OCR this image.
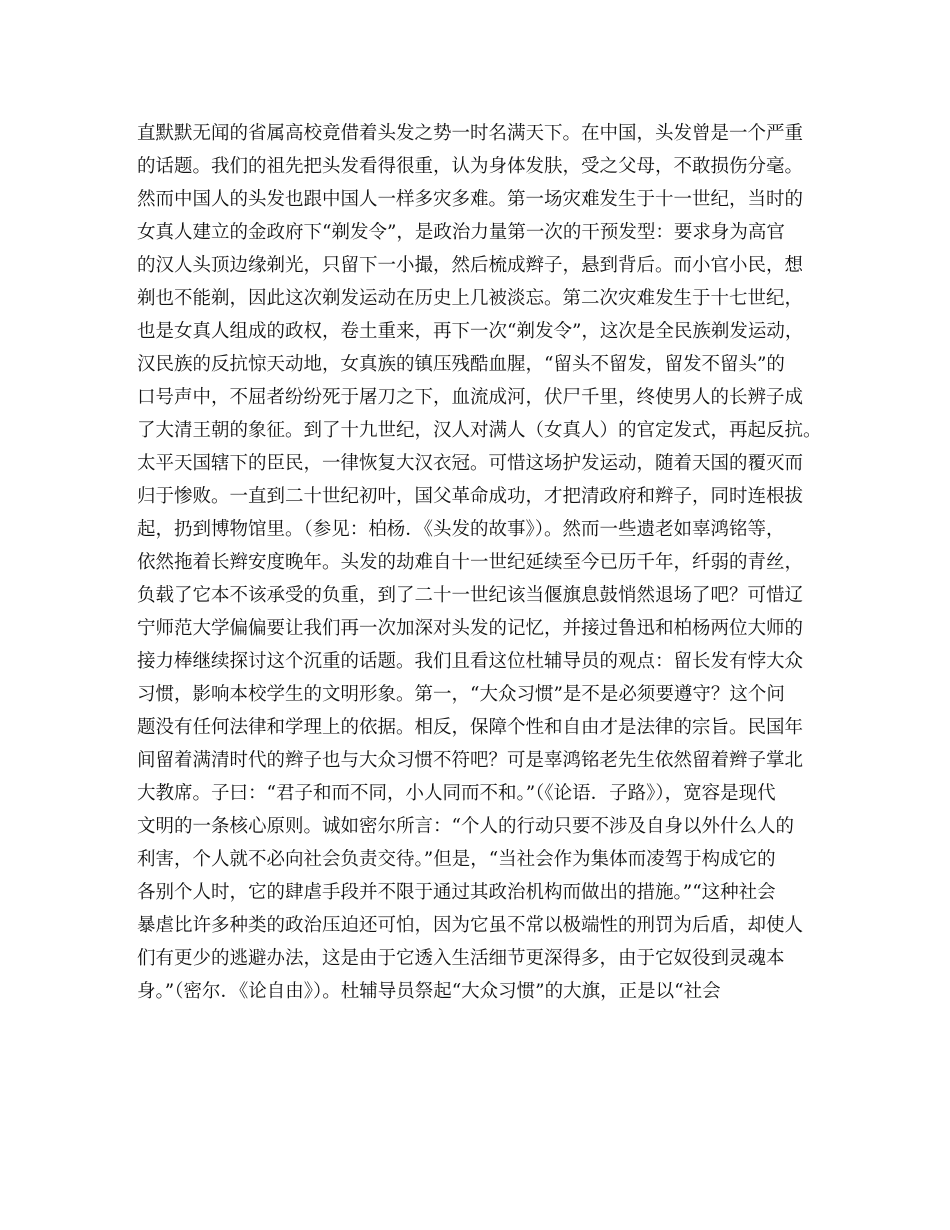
直默默无闻的省属高校竟借着头发之势一时名满天下。在中国，头发曾是一个严重
的话题。我们的祖先把头发看得很重，认为身体发肤，受之父母，不敢损伤分毫。
然而中国人的头发也跟中国人一样多灾多难。第一场灾难发生于十一世纪，当时的
女真人建立的金政府下“剃发令”，是政治力量第一次的干预发型：要求身为高官
的汉人头顶边缘剃光，只留下一小撮，然后梳成辫子，悬到背后。而小官小民，想
剃也不能剃，因此这次剃发运动在历史上几被淡忘。第二次灾难发生于十七世纪，
也是女真人组成的政权，卷土重来，再下一次“剃发令”，这次是全民族剃发运动，
汉民族的反抗惊天动地，女真族的镇压残酷血腥，“留头不留发，留发不留头”的
口号声中，不屈者纷纷死于屠刀之下，血流成河，伏尸千里，终使男人的长辨子成
了大清王朝的象征。到了十九世纪，汉人对满人（女真人）的官定发式，再起反抗。
太平天国辖下的臣民，一律恢复大汉衣冠。可惜这场护发运动，随着天国的覆灭而
归于惨败。一直到二十世纪初叶，国父革命成功，才把清政府和辫子，同时连根拔
起，扔到博物馆里。（参见：柏杨．《头发的故事》）。然而一些遗老如辜鸿铭等，
依然拖着长辫安度晚年。头发的劫难自十一世纪延续至今已历千年，纤弱的青丝，
负载了它本不该承受的负重，到了二十一世纪该当偃旗息鼓悄然退场了吧？可惜辽
宁师范大学偏偏要让我们再一次加深对头发的记忆，并接过鲁迅和柏杨两位大师的
接力棒继续探讨这个沉重的话题。我们且看这位杜辅导员的观点：留长发有悖大众
习惯，影响本校学生的文明形象。第一，“大众习惯”是不是必须要遵守？这个问
题没有任何法律和学理上的依据。相反，保障个性和自由才是法律的宗旨。民国年
间留着满清时代的辫子也与大众习惯不符吧？可是辜鸿铭老先生依然留着辫子掌北
大教席。子曰：“君子和而不同，小人同而不和。”（《论语．子路》），宽容是现代
文明的一条核心原则。诚如密尔所言：“个人的行动只要不涉及自身以外什么人的
利害，个人就不必向社会负责交待。”但是，“当社会作为集体而凌驾于构成它的
各别个人时，它的肆虐手段并不限于通过其政治机构而做出的措施。”“这种社会
暴虐比许多种类的政治压迫还可怕，因为它虽不常以极端性的刑罚为后盾，却使人
们有更少的逃避办法，这是由于它透入生活细节更深得多，由于它奴役到灵魂本
身。”（密尔．《论自由》）。杜辅导员祭起“大众习惯”的大旗，正是以“社会
